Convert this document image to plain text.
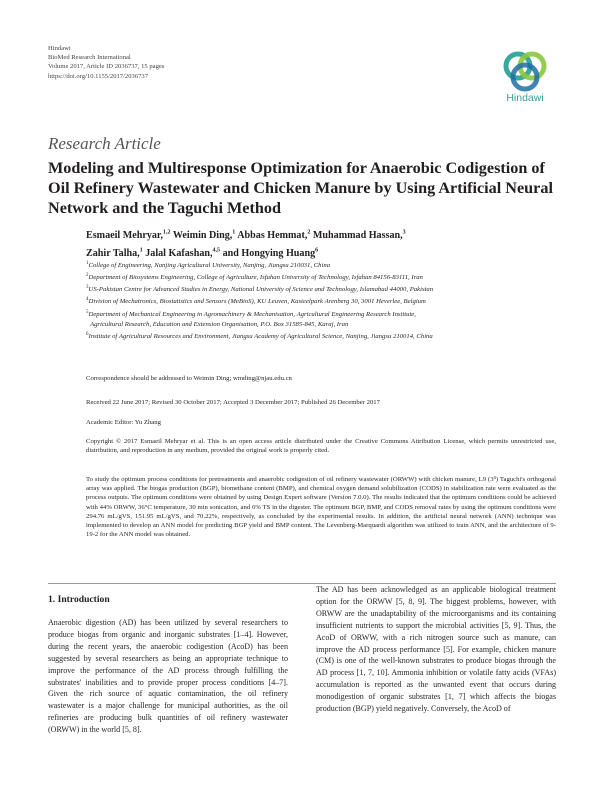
Hindawi
BioMed Research International
Volume 2017, Article ID 2036737, 15 pages
https://doi.org/10.1155/2017/2036737
Hindawi
Research Article
Modeling and Multiresponse Optimization for Anaerobic Codigestion of Oil Refinery Wastewater and Chicken Manure by Using Artificial Neural Network and the Taguchi Method
Esmaeil Mehryar,$^{1,2}$ Weimin Ding,$^1$ Abbas Hemmat,$^2$ Muhammad Hassan,$^3$
Zahir Talha,$^1$ Jalal Kafashan,$^{4,5}$ and Hongying Huang$^6$
$^1$College of Engineering, Nanjing Agricultural University, Nanjing, Jiangsu 210031, China
$^2$Department of Biosystems Engineering, College of Agriculture, Isfahan University of Technology, Isfahan 84156-83111, Iran
$^3$US-Pakistan Centre for Advanced Studies in Energy, National University of Science and Technology, Islamabad 44000, Pakistan
$^4$Division of Mechatronics, Biostatistics and Sensors (MeBioS), KU Leuven, Kasteelpark Arenberg 30, 3001 Heverlee, Belgium
$^5$Department of Mechanical Engineering in Agromachinery & Mechanisation, Agricultural Engineering Research Institute,
Agricultural Research, Education and Extension Organisation, P.O. Box 31585-845, Karaj, Iran
$^6$Institute of Agricultural Resources and Environment, Jiangsu Academy of Agricultural Science, Nanjing, Jiangsu 210014, China
Correspondence should be addressed to Weimin Ding; wmding@njau.edu.cn
Received 22 June 2017; Revised 30 October 2017; Accepted 3 December 2017; Published 26 December 2017
Academic Editor: Yu Zhang
Copyright © 2017 Esmaeil Mehryar et al. This is an open access article distributed under the Creative Commons Attribution License, which permits unrestricted use, distribution, and reproduction in any medium, provided the original work is properly cited.
To study the optimum process conditions for pretreatments and anaerobic codigestion of oil refinery wastewater (ORWW) with chicken manure, L9 (3⁴) Taguchi's orthogonal array was applied. The biogas production (BGP), biomethane content (BMP), and chemical oxygen demand solubilization (CODS) in stabilization rate were evaluated as the process outputs. The optimum conditions were obtained by using Design Expert software (Version 7.0.0). The results indicated that the optimum conditions could be achieved with 44% ORWW, 36°C temperature, 30 min sonication, and 6% TS in the digester. The optimum BGP, BMP, and CODS removal rates by using the optimum conditions were 294.76 mL/gVS, 151.95 mL/gVS, and 70.22%, respectively, as concluded by the experimental results. In addition, the artificial neural network (ANN) technique was implemented to develop an ANN model for predicting BGP yield and BMP content. The Levenberg-Marquardt algorithm was utilized to train ANN, and the architecture of 9-19-2 for the ANN model was obtained.
1. Introduction
Anaerobic digestion (AD) has been utilized by several researchers to produce biogas from organic and inorganic substrates [1–4]. However, during the recent years, the anaerobic codigestion (AcoD) has been suggested by several researchers as being an appropriate technique to improve the performance of the AD process through fulfilling the substrates' inabilities and to provide proper process conditions [4–7]. Given the rich source of aquatic contamination, the oil refinery wastewater is a major challenge for municipal authorities, as the oil refineries are producing bulk quantities of oil refinery wastewater (ORWW) in the world [5, 8].
The AD has been acknowledged as an applicable biological treatment option for the ORWW [5, 8, 9]. The biggest problems, however, with ORWW are the unadaptability of the microorganisms and its containing insufficient nutrients to support the microbial activities [5, 9]. Thus, the AcoD of ORWW, with a rich nitrogen source such as manure, can improve the AD process performance [5]. For example, chicken manure (CM) is one of the well-known substrates to produce biogas through the AD process [1, 7, 10]. Ammonia inhibition or volatile fatty acids (VFAs) accumulation is reported as the unwanted event that occurs during monodigestion of organic substrates [1, 7] which affects the biogas production (BGP) yield negatively. Conversely, the AcoD of
